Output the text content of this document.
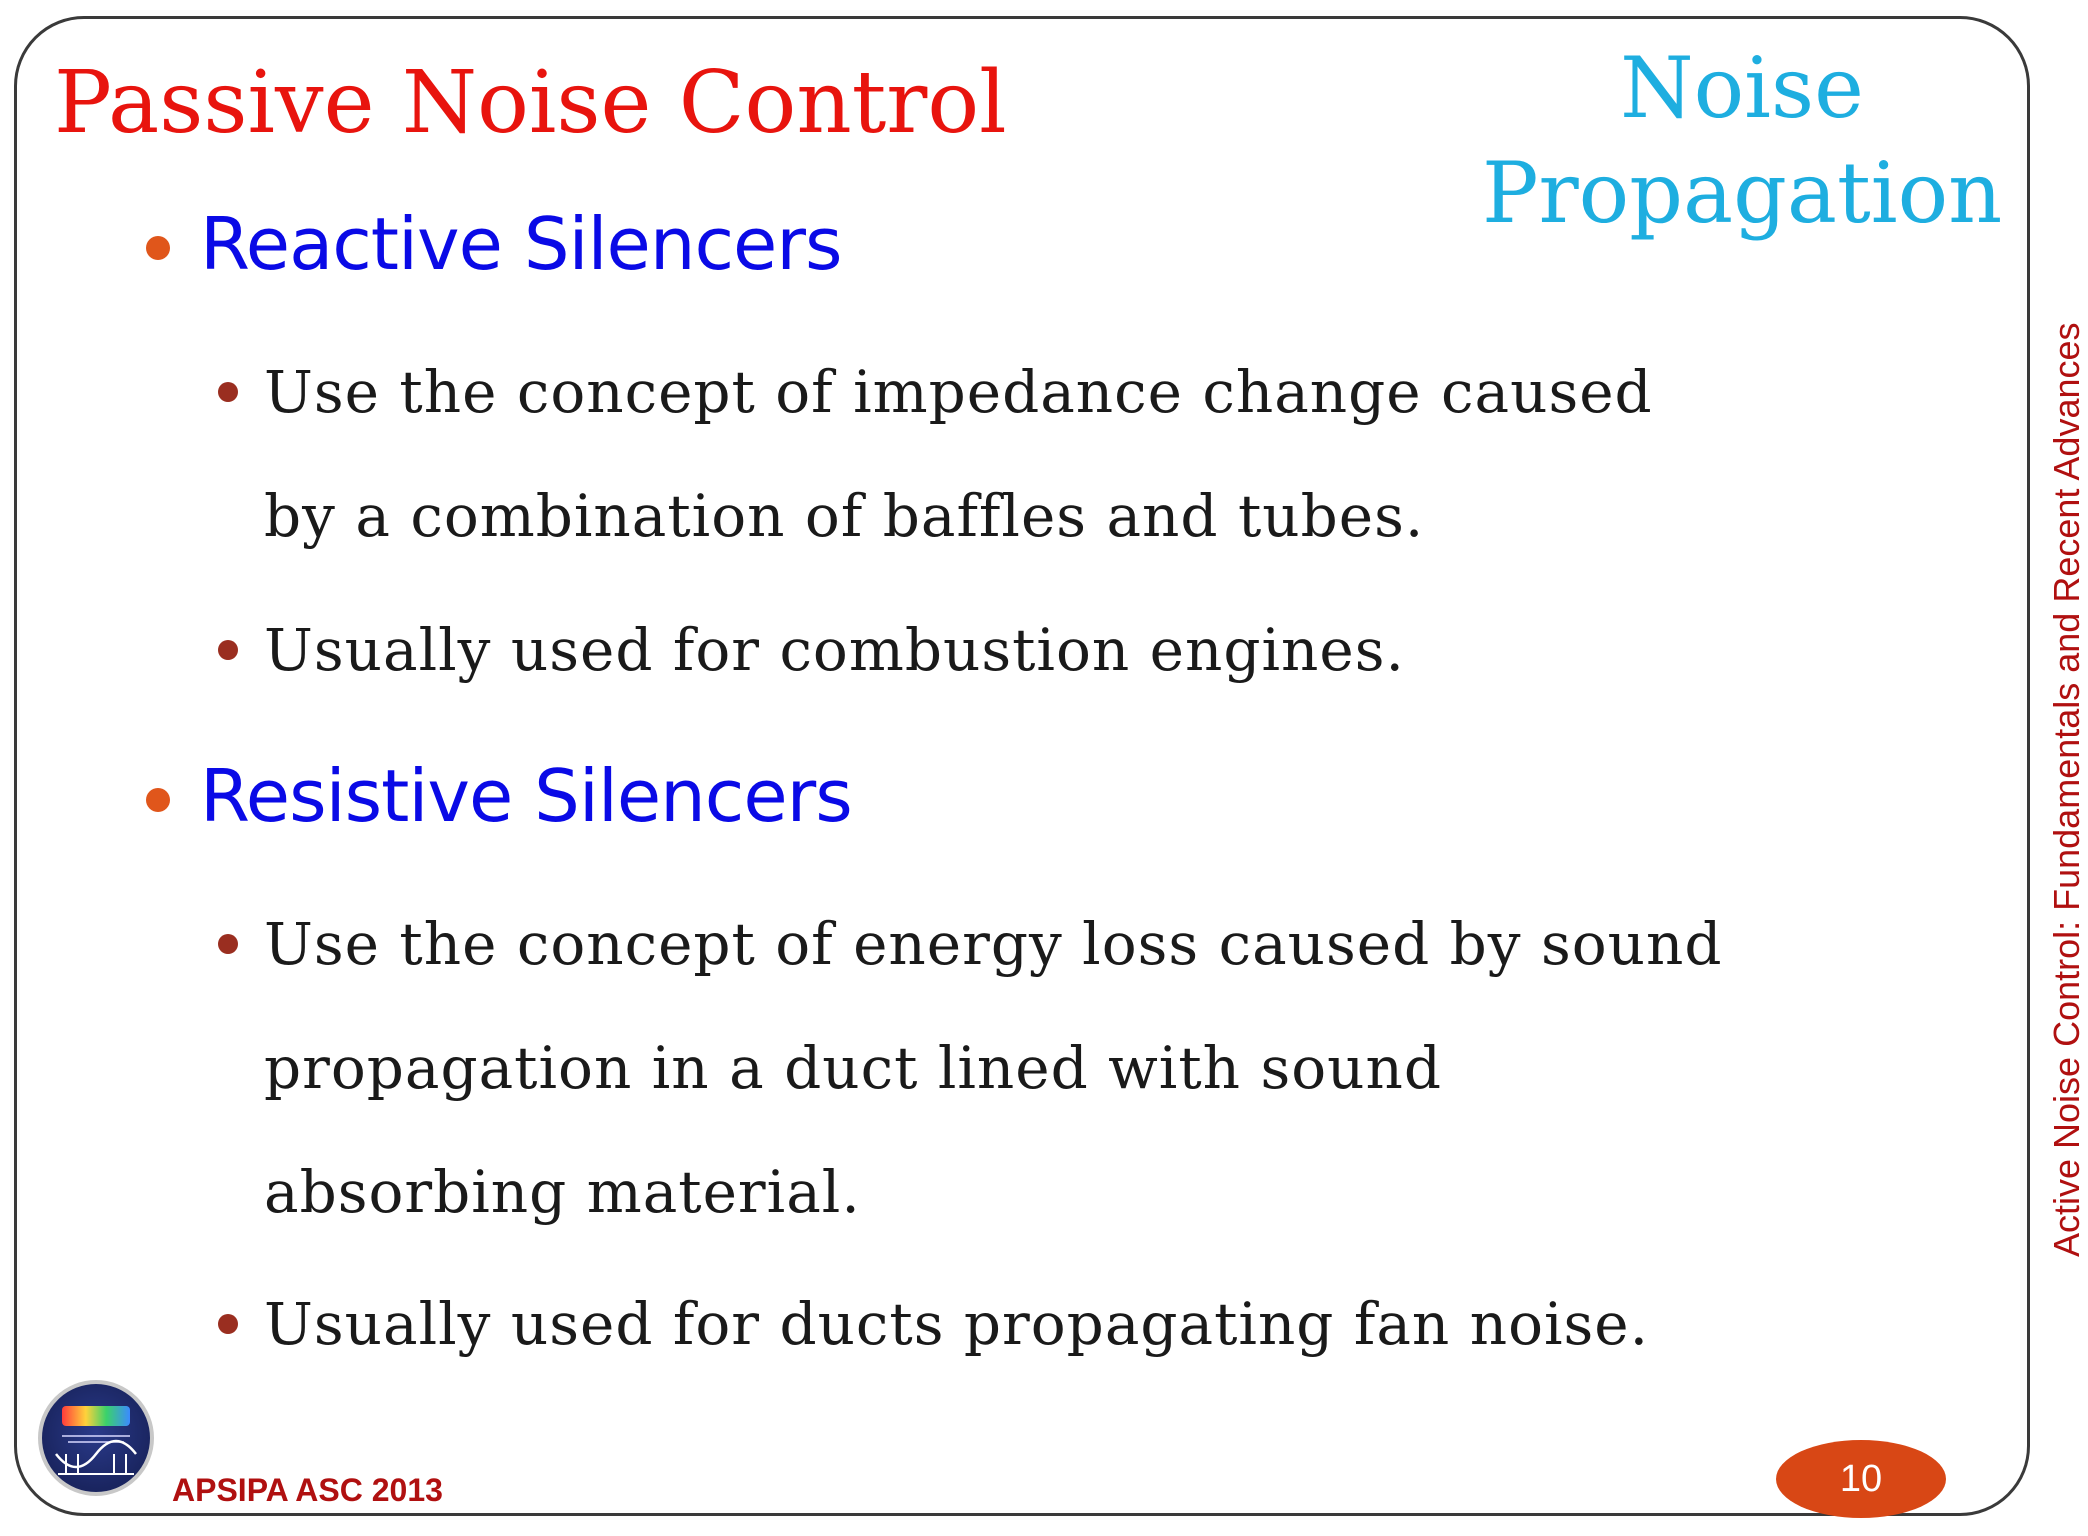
Passive Noise Control	Noise
Propagation
Reactive Silencers
Use the concept of impedance change caused by a combination of baffles and tubes.
Usually used for combustion engines.
Resistive Silencers
Use the concept of energy loss caused by sound propagation in a duct lined with sound absorbing material.
Usually used for ducts propagating fan noise.
Active Noise Control: Fundamentals and Recent Advances
APSIPA ASC 2013	10
